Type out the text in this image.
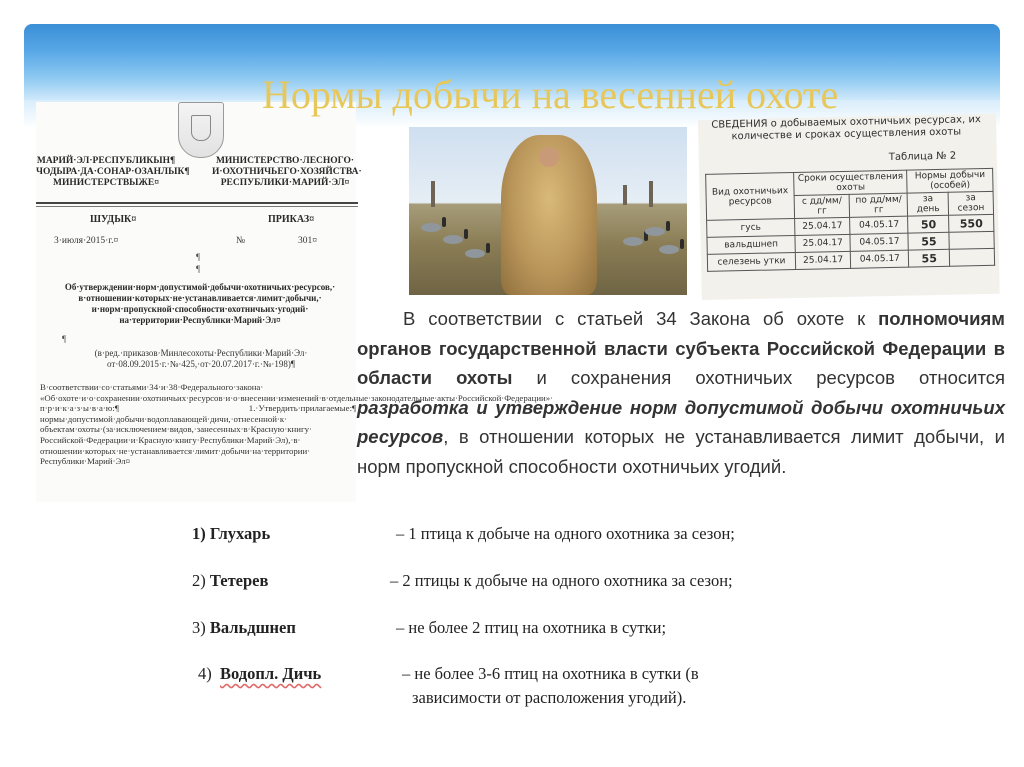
МАРИЙ·ЭЛ·РЕСПУБЛИКЫН¶ ЧОДЫРА·ДА·СОНАР·ОЗАНЛЫК¶ МИНИСТЕРСТВЫЖЕ¤
МИНИСТЕРСТВО·ЛЕСНОГО· И·ОХОТНИЧЬЕГО·ХОЗЯЙСТВА· РЕСПУБЛИКИ·МАРИЙ·ЭЛ¤
ШУДЫК¤	ПРИКАЗ¤
3·июля·2015·г.¤	№	301¤
¶
¶
Об·утверждении·норм·допустимой·добычи·охотничьих·ресурсов,· в·отношении·которых·не·устанавливается·лимит·добычи,· и·норм·пропускной·способности·охотничьих·угодий· на·территории·Республики·Марий·Эл¤
¶
(в·ред.·приказов·Минлесохоты·Республики·Марий·Эл· от·08.09.2015·г.·№·425,·от·20.07.2017·г.·№·198)¶
В·соответствии·со·статьями·34·и·38·Федерального·закона· «Об·охоте·и·о·сохранении·охотничьих·ресурсов·и·о·внесении·изменений·в·отдельные·законодательные·акты·Российской·Федерации»· п·р·и·к·а·з·ы·в·а·ю:¶ 1.·Утвердить·прилагаемые:¶ нормы·допустимой·добычи·водоплавающей·дичи,·отнесенной·к· объектам·охоты·(за·исключением·видов,·занесенных·в·Красную·книгу· Российской·Федерации·и·Красную·книгу·Республики·Марий·Эл),·в· отношении·которых·не·устанавливается·лимит·добычи·на·территории· Республики·Марий·Эл¤
СВЕДЕНИЯ о добываемых охотничьих ресурсах, их количестве и сроках осуществления охоты
Таблица № 2
Вид охотничьих ресурсов	Сроки осуществления охоты		Нормы добычи (особей)	
	с дд/мм/гг	по дд/мм/гг	за день	за сезон
гусь	25.04.17	04.05.17	50	550
вальдшнеп	25.04.17	04.05.17	55	
селезень утки	25.04.17	04.05.17	55	
Нормы добычи на весенней охоте
В соответствии с статьей 34 Закона об охоте к полномочиям органов государственной власти субъекта Российской Федерации в области охоты и сохранения охотничьих ресурсов относится разработка и утверждение норм допустимой добычи охотничьих ресурсов, в отношении которых не устанавливается лимит добычи, и норм пропускной способности охотничьих угодий.
1) Глухарь	– 1 птица к добыче на одного охотника за сезон;
2) Тетерев	– 2 птицы к добыче на одного охотника за сезон;
3) Вальдшнеп	– не более 2 птиц на охотника в сутки;
4) Водопл. Дичь	– не более 3-6 птиц на охотника в сутки (в
зависимости от расположения угодий).
